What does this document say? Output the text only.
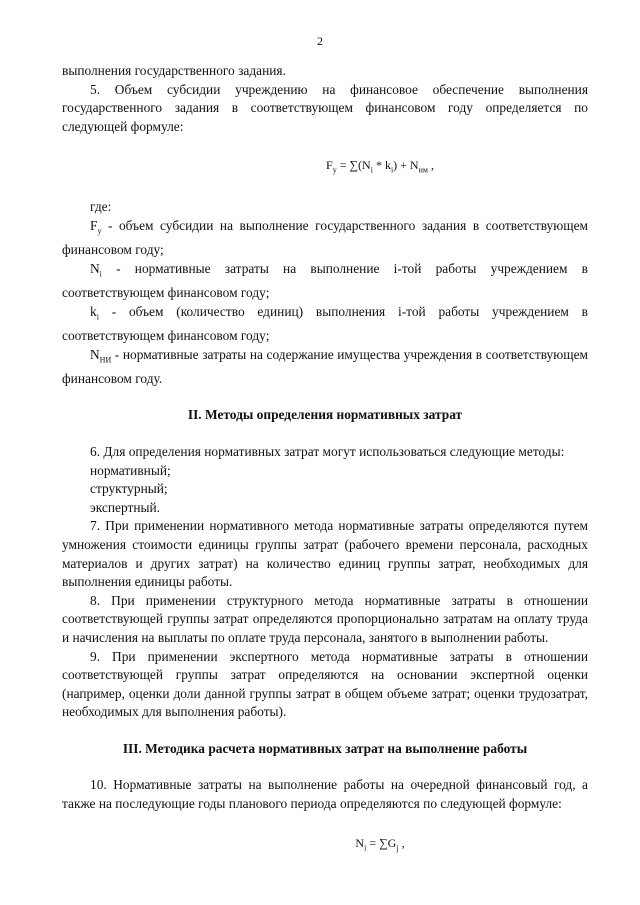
2

выполнения государственного задания.

5. Объем субсидии учреждению на финансовое обеспечение выполнения государственного задания в соответствующем финансовом году определяется по следующей формуле:

$F_y = \sum(N_i * k_i) + N_{им}$ ,

где:

$F_y$ - объем субсидии на выполнение государственного задания в соответствующем финансовом году;

$N_i$ - нормативные затраты на выполнение i-той работы учреждением в соответствующем финансовом году;

$k_i$ - объем (количество единиц) выполнения i-той работы учреждением в соответствующем финансовом году;

$N_{НИ}$ - нормативные затраты на содержание имущества учреждения в соответствующем финансовом году.

II. Методы определения нормативных затрат

6. Для определения нормативных затрат могут использоваться следующие методы:

нормативный;

структурный;

экспертный.

7. При применении нормативного метода нормативные затраты определяются путем умножения стоимости единицы группы затрат (рабочего времени персонала, расходных материалов и других затрат) на количество единиц группы затрат, необходимых для выполнения единицы работы.

8. При применении структурного метода нормативные затраты в отношении соответствующей группы затрат определяются пропорционально затратам на оплату труда и начисления на выплаты по оплате труда персонала, занятого в выполнении работы.

9. При применении экспертного метода нормативные затраты в отношении соответствующей группы затрат определяются на основании экспертной оценки (например, оценки доли данной группы затрат в общем объеме затрат; оценки трудозатрат, необходимых для выполнения работы).

III. Методика расчета нормативных затрат на выполнение работы

10. Нормативные затраты на выполнение работы на очередной финансовый год, а также на последующие годы планового периода определяются по следующей формуле:

$N_i = \sum G_j$ ,
